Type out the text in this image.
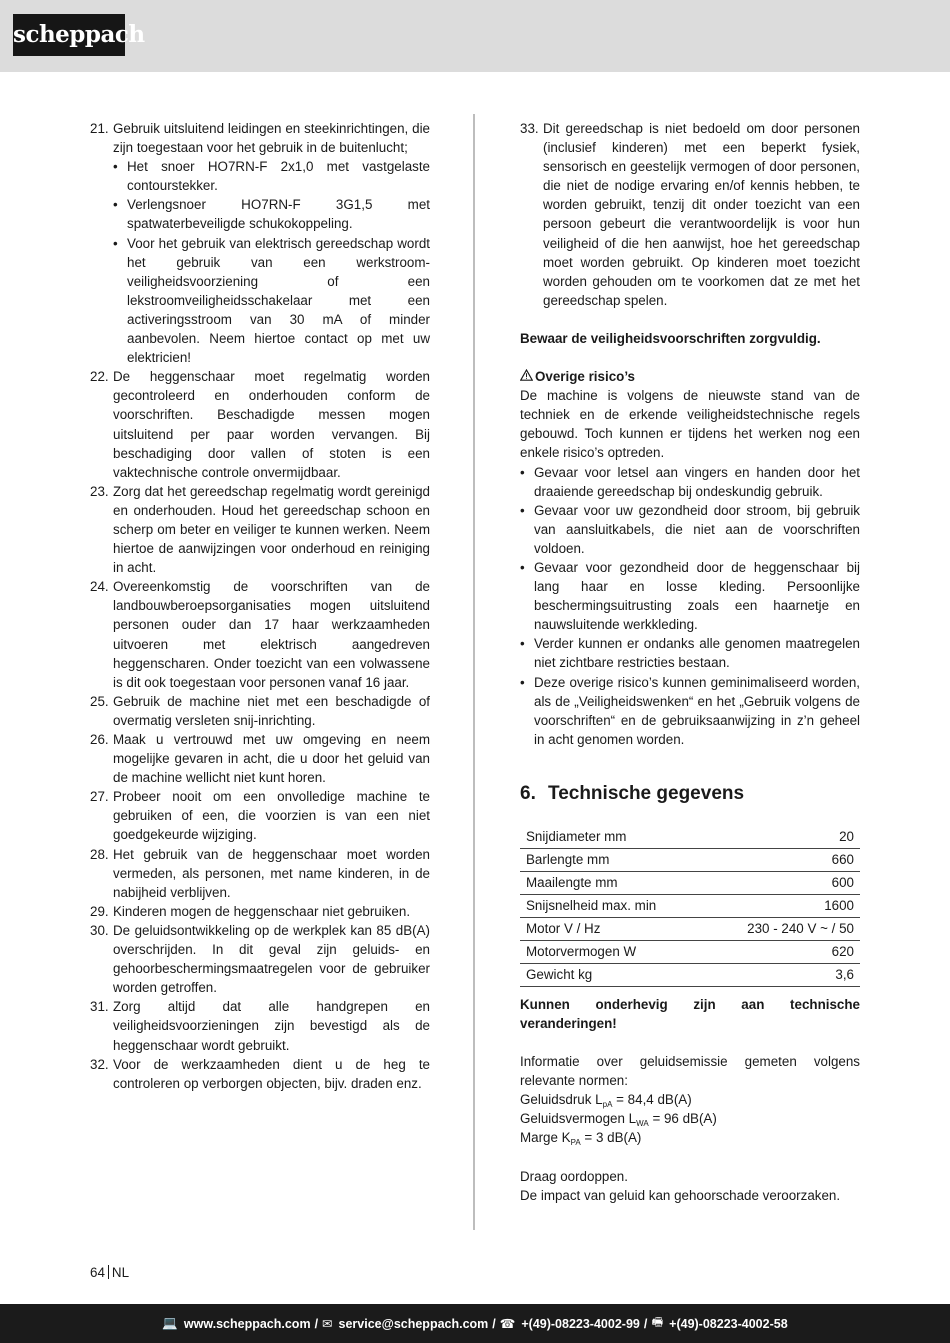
scheppach
21. Gebruik uitsluitend leidingen en steekinrichtingen, die zijn toegestaan voor het gebruik in de buitenlucht;
• Het snoer HO7RN-F 2x1,0 met vastgelaste contourstekker.
• Verlengsnoer HO7RN-F 3G1,5 met spatwaterbeveiligde schukokoppeling.
• Voor het gebruik van elektrisch gereedschap wordt het gebruik van een werkstroom-veiligheidsvoorziening of een lekstroomveiligheidsschakelaar met een activeringsstroom van 30 mA of minder aanbevolen. Neem hiertoe contact op met uw elektricien!
22. De heggenschaar moet regelmatig worden gecontroleerd en onderhouden conform de voorschriften. Beschadigde messen mogen uitsluitend per paar worden vervangen. Bij beschadiging door vallen of stoten is een vaktechnische controle onvermijdbaar.
23. Zorg dat het gereedschap regelmatig wordt gereinigd en onderhouden. Houd het gereedschap schoon en scherp om beter en veiliger te kunnen werken. Neem hiertoe de aanwijzingen voor onderhoud en reiniging in acht.
24. Overeenkomstig de voorschriften van de landbouwberoepsorganisaties mogen uitsluitend personen ouder dan 17 haar werkzaamheden uitvoeren met elektrisch aangedreven heggenscharen. Onder toezicht van een volwassene is dit ook toegestaan voor personen vanaf 16 jaar.
25. Gebruik de machine niet met een beschadigde of overmatig versleten snij-inrichting.
26. Maak u vertrouwd met uw omgeving en neem mogelijke gevaren in acht, die u door het geluid van de machine wellicht niet kunt horen.
27. Probeer nooit om een onvolledige machine te gebruiken of een, die voorzien is van een niet goedgekeurde wijziging.
28. Het gebruik van de heggenschaar moet worden vermeden, als personen, met name kinderen, in de nabijheid verblijven.
29. Kinderen mogen de heggenschaar niet gebruiken.
30. De geluidsontwikkeling op de werkplek kan 85 dB(A) overschrijden. In dit geval zijn geluids- en gehoorbeschermingsmaatregelen voor de gebruiker worden getroffen.
31. Zorg altijd dat alle handgrepen en veiligheidsvoorzieningen zijn bevestigd als de heggenschaar wordt gebruikt.
32. Voor de werkzaamheden dient u de heg te controleren op verborgen objecten, bijv. draden enz.
33. Dit gereedschap is niet bedoeld om door personen (inclusief kinderen) met een beperkt fysiek, sensorisch en geestelijk vermogen of door personen, die niet de nodige ervaring en/of kennis hebben, te worden gebruikt, tenzij dit onder toezicht van een persoon gebeurt die verantwoordelijk is voor hun veiligheid of die hen aanwijst, hoe het gereedschap moet worden gebruikt. Op kinderen moet toezicht worden gehouden om te voorkomen dat ze met het gereedschap spelen.

Bewaar de veiligheidsvoorschriften zorgvuldig.

Overige risico’s

De machine is volgens de nieuwste stand van de techniek en de erkende veiligheidstechnische regels gebouwd. Toch kunnen er tijdens het werken nog een enkele risico’s optreden.

• Gevaar voor letsel aan vingers en handen door het draaiende gereedschap bij ondeskundig gebruik.
• Gevaar voor uw gezondheid door stroom, bij gebruik van aansluitkabels, die niet aan de voorschriften voldoen.
• Gevaar voor gezondheid door de heggenschaar bij lang haar en losse kleding. Persoonlijke beschermingsuitrusting zoals een haarnetje en nauwsluitende werkkleding.
• Verder kunnen er ondanks alle genomen maatregelen niet zichtbare restricties bestaan.
• Deze overige risico’s kunnen geminimaliseerd worden, als de „Veiligheidswenken“ en het „Gebruik volgens de voorschriften“ en de gebruiksaanwijzing in z’n geheel in acht genomen worden.
6. Technische gegevens
Snijdiameter mm	20
Barlengte mm	660
Maailengte mm	600
Snijsnelheid max. min	1600
Motor V / Hz	230 - 240 V ~ / 50
Motorvermogen W	620
Gewicht kg	3,6

Kunnen onderhevig zijn aan technische veranderingen!

Informatie over geluidsemissie gemeten volgens relevante normen:

Geluidsdruk $L_{pA} = 84,4$ dB(A)

Geluidsvermogen $L_{WA} = 96$ dB(A)

Marge $K_{PA} = 3$ dB(A)

Draag oordoppen.

De impact van geluid kan gehoorschade veroorzaken.

64 NL
💻 www.scheppach.com / ✉ service@scheppach.com / ☎ +(49)-08223-4002-99 / 🖷 +(49)-08223-4002-58
